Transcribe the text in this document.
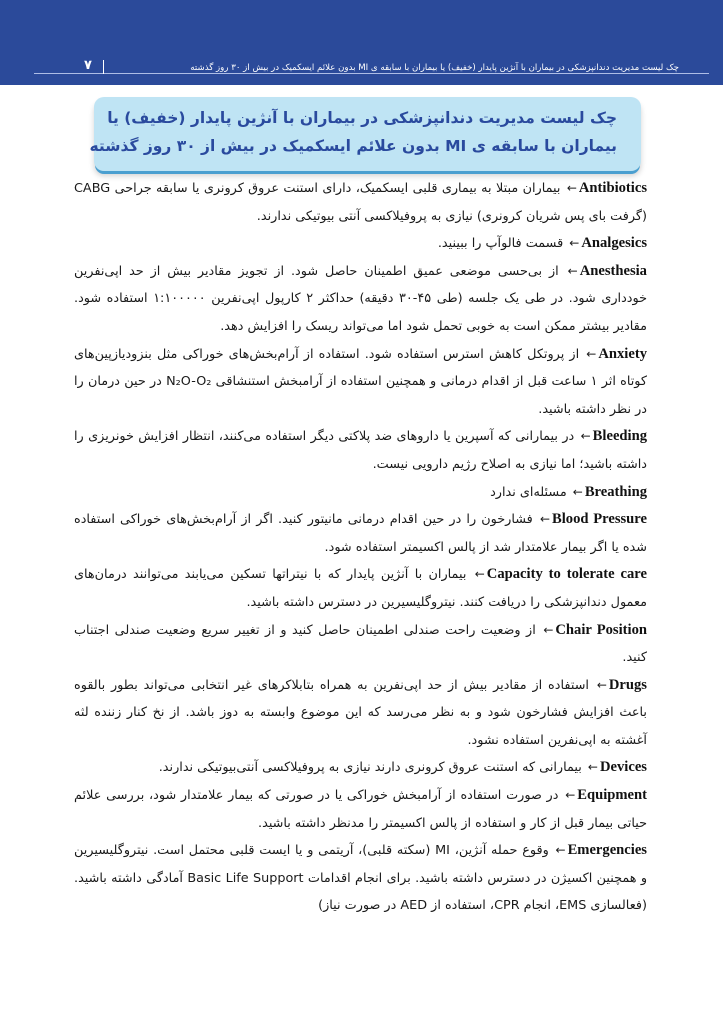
چک لیست مدیریت دندانپزشکی در بیماران با آنژین پایدار (خفیف) یا بیماران با سابقه ی MI بدون علائم ایسکمیک در بیش از ۳۰ روز گذشته
۷
چک لیست مدیریت دندانپزشکی در بیماران با آنژین پایدار (خفیف) یا
بیماران با سابقه ی MI بدون علائم ایسکمیک در بیش از ۳۰ روز گذشته

Antibiotics← بیماران مبتلا به بیماری قلبی ایسکمیک، دارای استنت عروق کرونری یا سابقه جراحی CABG (گرفت بای پس شریان کرونری) نیازی به پروفیلاکسی آنتی بیوتیکی ندارند.

Analgesics← قسمت فالوآپ را ببینید.

Anesthesia← از بی‌حسی موضعی عمیق اطمینان حاصل شود. از تجویز مقادیر بیش از حد اپی‌نفرین خودداری شود. در طی یک جلسه (طی ۴۵-۳۰ دقیقه) حداکثر ۲ کارپول اپی‌نفرین ۱:۱۰۰۰۰۰ استفاده شود. مقادیر بیشتر ممکن است به خوبی تحمل شود اما می‌تواند ریسک را افزایش دهد.

Anxiety← از پروتکل کاهش استرس استفاده شود. استفاده از آرام‌بخش‌های خوراکی مثل بنزودیازپین‌های کوتاه اثر ۱ ساعت قبل از اقدام درمانی و همچنین استفاده از آرامبخش استنشاقی N₂O-O₂ در حین درمان را در نظر داشته باشید.

Bleeding← در بیمارانی که آسپرین یا داروهای ضد پلاکتی دیگر استفاده می‌کنند، انتظار افزایش خونریزی را داشته باشید؛ اما نیازی به اصلاح رژیم دارویی نیست.

Breathing← مسئله‌ای ندارد

Blood Pressure← فشارخون را در حین اقدام درمانی مانیتور کنید. اگر از آرام‌بخش‌های خوراکی استفاده شده یا اگر بیمار علامتدار شد از پالس اکسیمتر استفاده شود.

Capacity to tolerate care← بیماران با آنژین پایدار که با نیتراتها تسکین می‌یابند می‌توانند درمان‌های معمول دندانپزشکی را دریافت کنند. نیتروگلیسیرین در دسترس داشته باشید.

Chair Position← از وضعیت راحت صندلی اطمینان حاصل کنید و از تغییر سریع وضعیت صندلی اجتناب کنید.

Drugs← استفاده از مقادیر بیش از حد اپی‌نفرین به همراه بتابلاکرهای غیر انتخابی می‌تواند بطور بالقوه باعث افزایش فشارخون شود و به نظر می‌رسد که این موضوع وابسته به دوز باشد. از نخ کنار زننده لثه آغشته به اپی‌نفرین استفاده نشود.

Devices← بیمارانی که استنت عروق کرونری دارند نیازی به پروفیلاکسی آنتی‌بیوتیکی ندارند.

Equipment← در صورت استفاده از آرامبخش خوراکی یا در صورتی که بیمار علامتدار شود، بررسی علائم حیاتی بیمار قبل از کار و استفاده از پالس اکسیمتر را مدنظر داشته باشید.

Emergencies← وقوع حمله آنژین، MI (سکته قلبی)، آریتمی و یا ایست قلبی محتمل است. نیتروگلیسیرین و همچنین اکسیژن در دسترس داشته باشید. برای انجام اقدامات Basic Life Support آمادگی داشته باشید. (فعالسازی EMS، انجام CPR، استفاده از AED در صورت نیاز)
